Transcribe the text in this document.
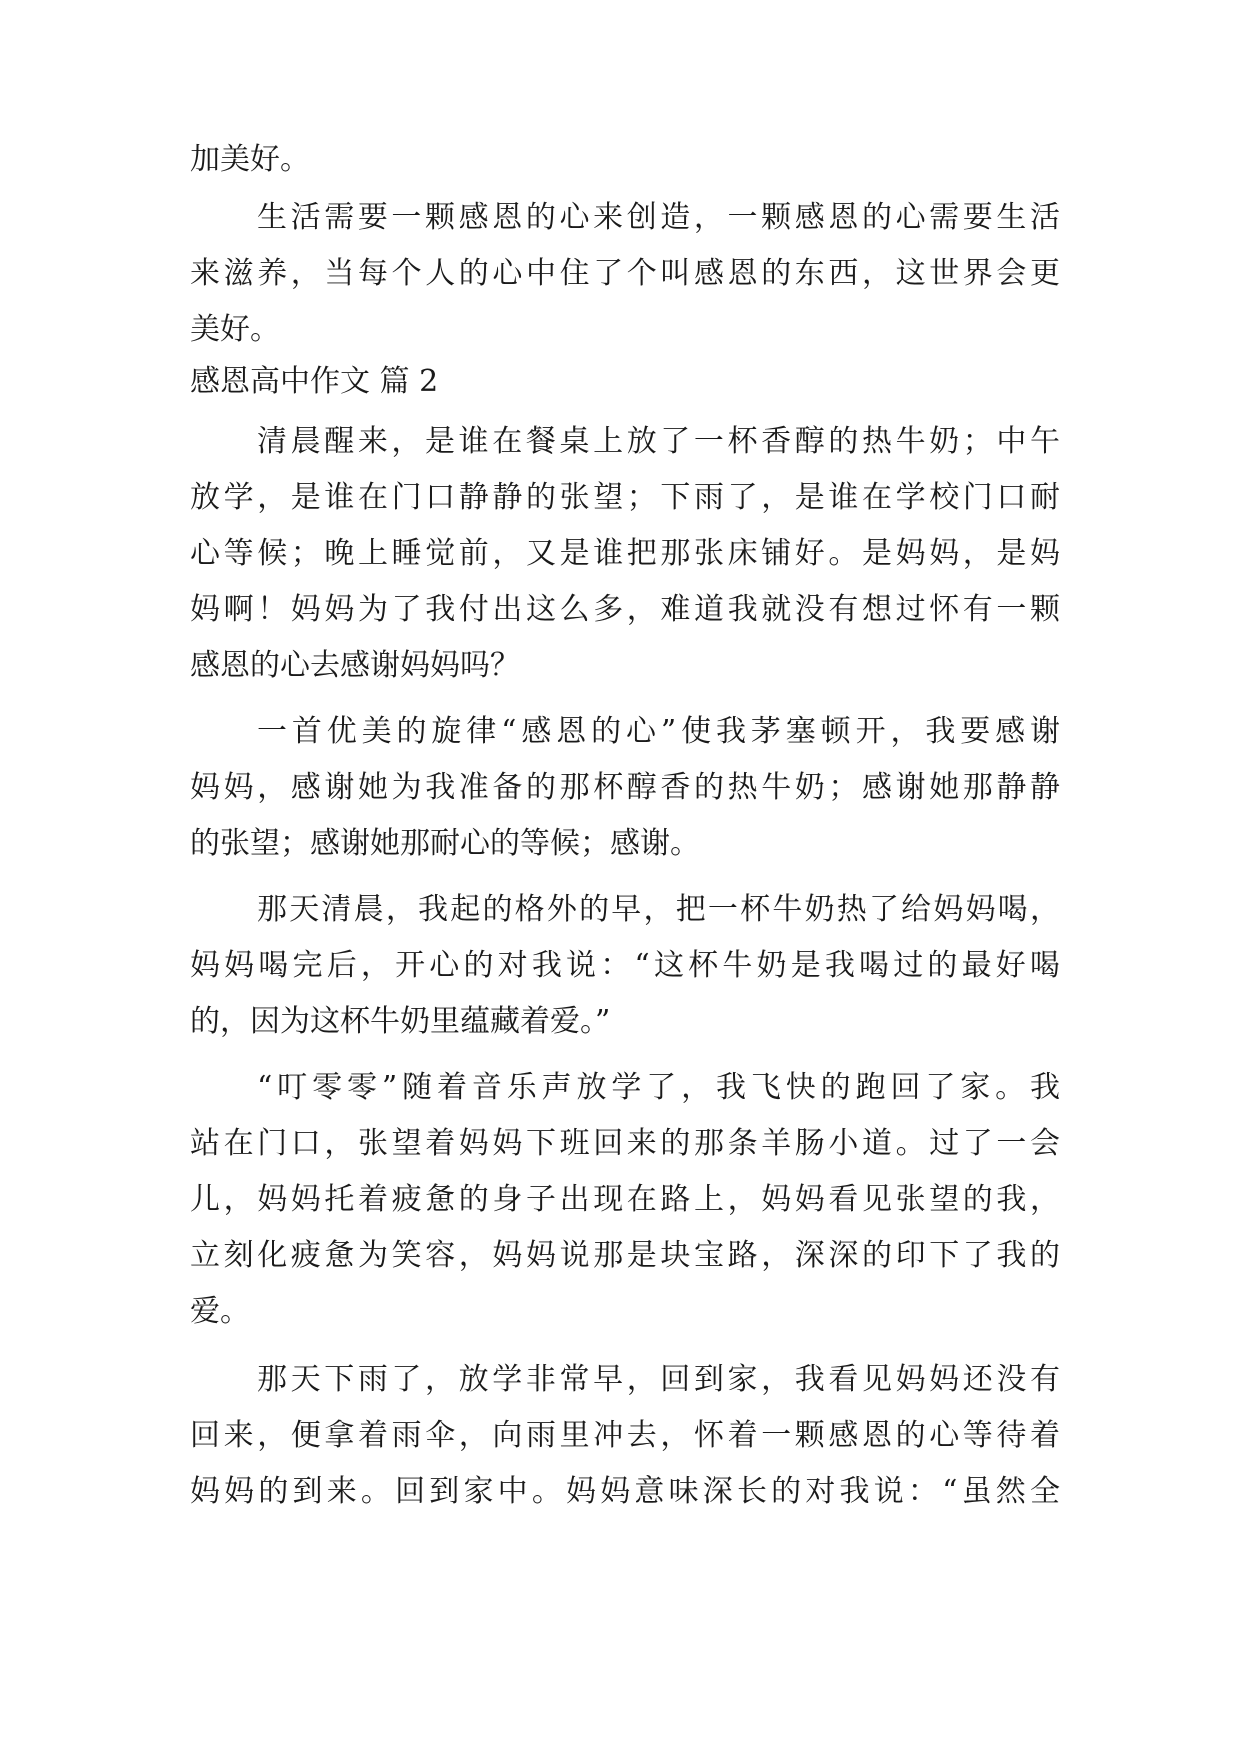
加美好。
生活需要一颗感恩的心来创造，一颗感恩的心需要生活
来滋养，当每个人的心中住了个叫感恩的东西，这世界会更
美好。
感恩高中作文 篇 2
清晨醒来，是谁在餐桌上放了一杯香醇的热牛奶；中午
放学，是谁在门口静静的张望；下雨了，是谁在学校门口耐
心等候；晚上睡觉前，又是谁把那张床铺好。是妈妈，是妈
妈啊！妈妈为了我付出这么多，难道我就没有想过怀有一颗
感恩的心去感谢妈妈吗？
一首优美的旋律“感恩的心”使我茅塞顿开，我要感谢
妈妈，感谢她为我准备的那杯醇香的热牛奶；感谢她那静静
的张望；感谢她那耐心的等候；感谢。
那天清晨，我起的格外的早，把一杯牛奶热了给妈妈喝，
妈妈喝完后，开心的对我说：“这杯牛奶是我喝过的最好喝
的，因为这杯牛奶里蕴藏着爱。”
“叮零零”随着音乐声放学了，我飞快的跑回了家。我
站在门口，张望着妈妈下班回来的那条羊肠小道。过了一会
儿，妈妈托着疲惫的身子出现在路上，妈妈看见张望的我，
立刻化疲惫为笑容，妈妈说那是块宝路，深深的印下了我的
爱。
那天下雨了，放学非常早，回到家，我看见妈妈还没有
回来，便拿着雨伞，向雨里冲去，怀着一颗感恩的心等待着
妈妈的到来。回到家中。妈妈意味深长的对我说：“虽然全
